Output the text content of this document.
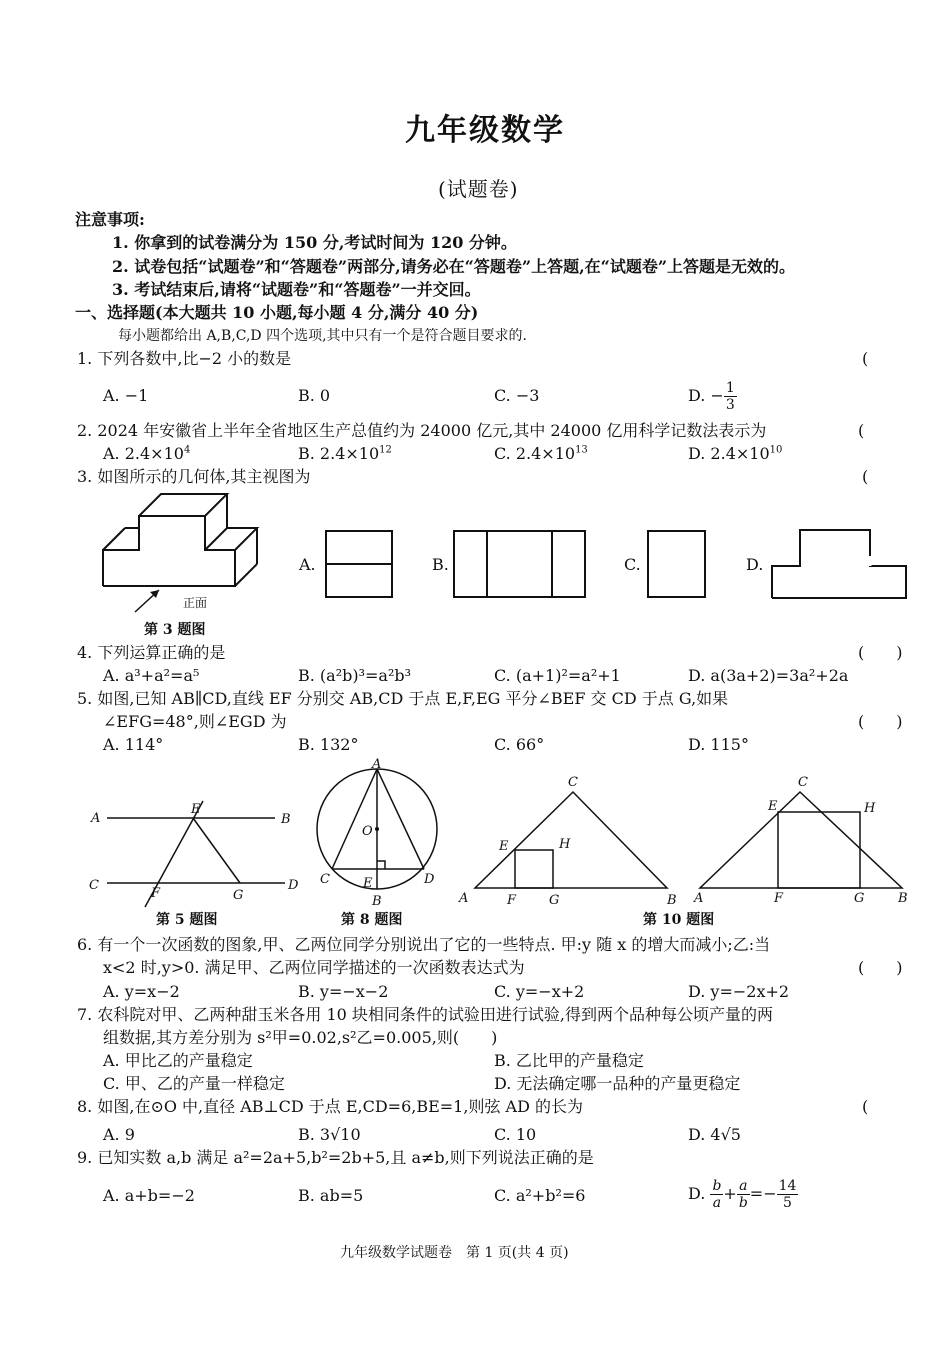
九年级数学
(试题卷)
注意事项:
1. 你拿到的试卷满分为 150 分,考试时间为 120 分钟。
2. 试卷包括“试题卷”和“答题卷”两部分,请务必在“答题卷”上答题,在“试题卷”上答题是无效的。
3. 考试结束后,请将“试题卷”和“答题卷”一并交回。
一、选择题(本大题共 10 小题,每小题 4 分,满分 40 分)
每小题都给出 A,B,C,D 四个选项,其中只有一个是符合题目要求的.
1. 下列各数中,比−2 小的数是	(
A. −1	B. 0	C. −3	D. − $\frac{1}{3}$
2. 2024 年安徽省上半年全省地区生产总值约为 24000 亿元,其中 24000 亿用科学记数法表示为	(
A. $2.4\times 10^4$	B. $2.4\times 10^{12}$	C. $2.4\times 10^{13}$	D. $2.4\times 10^{10}$
3. 如图所示的几何体,其主视图为	(
正面
第 3 题图
A.	B.	C.	D.
4. 下列运算正确的是	(　　)
A. a³+a²=a⁵	B. (a²b)³=a²b³	C. (a+1)²=a²+1	D. a(3a+2)=3a²+2a
5. 如图,已知 AB∥CD,直线 EF 分别交 AB,CD 于点 E,F,EG 平分∠BEF 交 CD 于点 G,如果
∠EFG=48°,则∠EGD 为	(　　)
A. 114°	B. 132°	C. 66°	D. 115°
A	B
C	D
E
F	G
第 5 题图
A
B
C	D
E
O
第 8 题图
C
A	B
E	H
F	G
C
A	B
E	H
F	G
第 10 题图
6. 有一个一次函数的图象,甲、乙两位同学分别说出了它的一些特点. 甲:y 随 x 的增大而减小;乙:当
x<2 时,y>0. 满足甲、乙两位同学描述的一次函数表达式为	(　　)
A. y=x−2	B. y=−x−2	C. y=−x+2	D. y=−2x+2
7. 农科院对甲、乙两种甜玉米各用 10 块相同条件的试验田进行试验,得到两个品种每公顷产量的两
组数据,其方差分别为 s²甲=0.02,s²乙=0.005,则(　　)
A. 甲比乙的产量稳定	B. 乙比甲的产量稳定
C. 甲、乙的产量一样稳定	D. 无法确定哪一品种的产量更稳定
8. 如图,在⊙O 中,直径 AB⊥CD 于点 E,CD=6,BE=1,则弦 AD 的长为	(
A. 9	B. 3√10	C. 10	D. 4√5
9. 已知实数 a,b 满足 a²=2a+5,b²=2b+5,且 a≠b,则下列说法正确的是
A. a+b=−2	B. ab=5	C. a²+b²=6	D. $\frac{b}{a} + \frac{a}{b} =- \frac{14}{5}$
九年级数学试题卷　第 1 页(共 4 页)
